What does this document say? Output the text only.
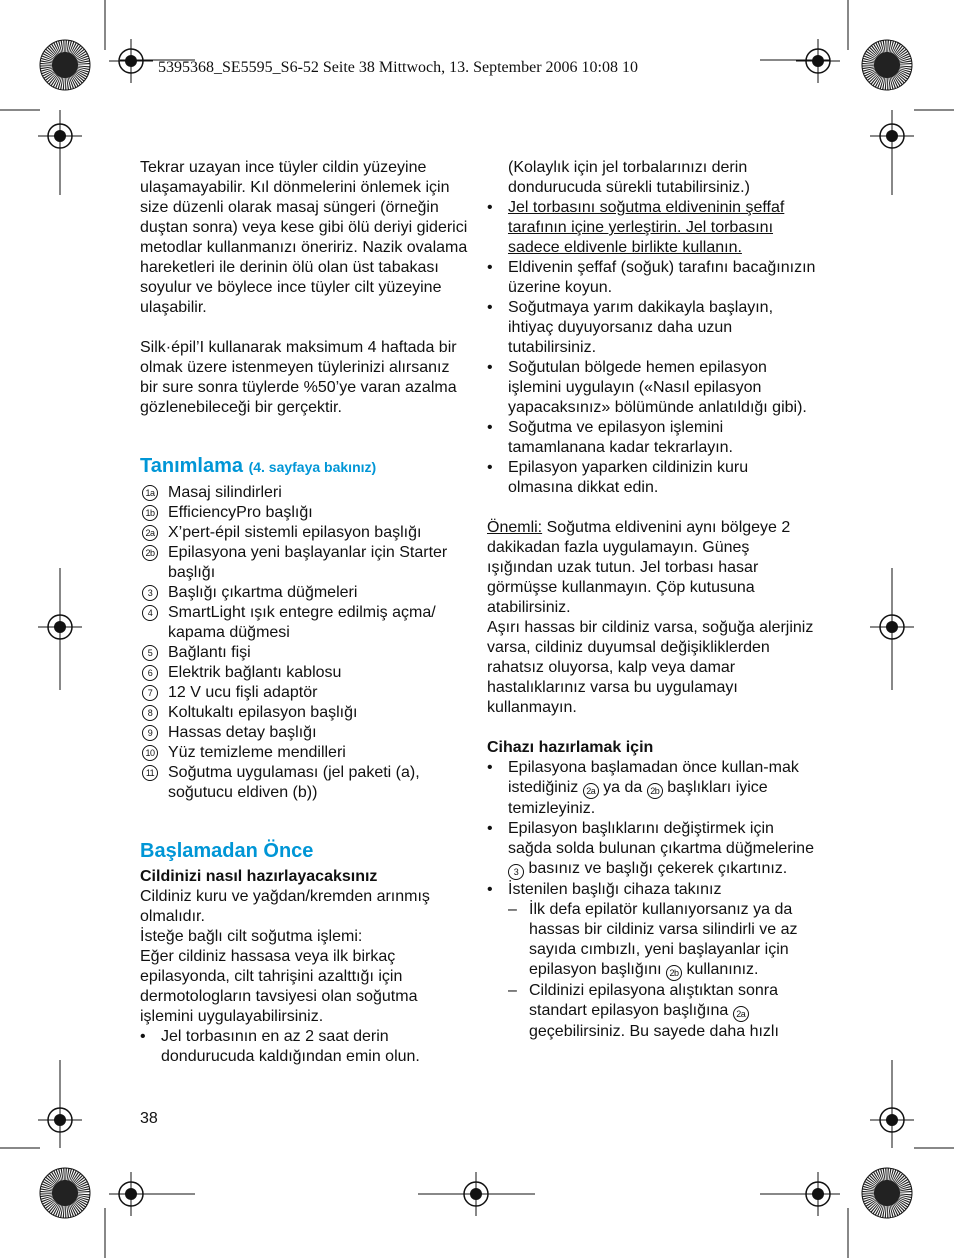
5395368_SE5595_S6-52 Seite 38 Mittwoch, 13. September 2006 10:08 10

Tekrar uzayan ince tüyler cildin yüzeyine ulaşamayabilir. Kıl dönmelerini önlemek için size düzenli olarak masaj süngeri (örneğin duştan sonra) veya kese gibi ölü deriyi giderici metodlar kullanmanızı öneririz. Nazik ovalama hareketleri ile derinin ölü olan üst tabakası soyulur ve böylece ince tüyler cilt yüzeyine ulaşabilir.

Silk·épil’I kullanarak maksimum 4 haftada bir olmak üzere istenmeyen tüylerinizi alırsanız bir sure sonra tüylerde %50’ye varan azalma gözlenebileceği bir gerçektir.

Tanımlama (4. sayfaya bakınız)
1a Masaj silindirleri
1b EfficiencyPro başlığı
2a X’pert-épil sistemli epilasyon başlığı
2b Epilasyona yeni başlayanlar için Starter başlığı
3 Başlığı çıkartma düğmeleri
4 SmartLight ışık entegre edilmiş açma/ kapama düğmesi
5 Bağlantı fişi
6 Elektrik bağlantı kablosu
7 12 V ucu fişli adaptör
8 Koltukaltı epilasyon başlığı
9 Hassas detay başlığı
10 Yüz temizleme mendilleri
11 Soğutma uygulaması (jel paketi (a), soğutucu eldiven (b))
Başlamadan Önce

Cildinizi nasıl hazırlayacaksınız

Cildiniz kuru ve yağdan/kremden arınmış olmalıdır.

İsteğe bağlı cilt soğutma işlemi:

Eğer cildiniz hassasa veya ilk birkaç epilasyonda, cilt tahrişini azalttığı için dermotologların tavsiyesi olan soğutma işlemini uygulayabilirsiniz.

• Jel torbasının en az 2 saat derin dondurucuda kaldığından emin olun.

(Kolaylık için jel torbalarınızı derin dondurucuda sürekli tutabilirsiniz.)

• Jel torbasını soğutma eldiveninin şeffaf tarafının içine yerleştirin. Jel torbasını sadece eldivenle birlikte kullanın.
• Eldivenin şeffaf (soğuk) tarafını bacağınızın üzerine koyun.
• Soğutmaya yarım dakikayla başlayın, ihtiyaç duyuyorsanız daha uzun tutabilirsiniz.
• Soğutulan bölgede hemen epilasyon işlemini uygulayın («Nasıl epilasyon yapacaksınız» bölümünde anlatıldığı gibi).
• Soğutma ve epilasyon işlemini tamamlanana kadar tekrarlayın.
• Epilasyon yaparken cildinizin kuru olmasına dikkat edin.

Önemli: Soğutma eldivenini aynı bölgeye 2 dakikadan fazla uygulamayın. Güneş ışığından uzak tutun. Jel torbası hasar görmüşse kullanmayın. Çöp kutusuna atabilirsiniz.

Aşırı hassas bir cildiniz varsa, soğuğa alerjiniz varsa, cildiniz duyumsal değişikliklerden rahatsız oluyorsa, kalp veya damar hastalıklarınız varsa bu uygulamayı kullanmayın.

Cihazı hazırlamak için

• Epilasyona başlamadan önce kullan-mak istediğiniz 2a ya da 2b başlıkları iyice temizleyiniz.
• Epilasyon başlıklarını değiştirmek için sağda solda bulunan çıkartma düğmelerine 3 basınız ve başlığı çekerek çıkartınız.
• İstenilen başlığı cihaza takınız
– İlk defa epilatör kullanıyorsanız ya da hassas bir cildiniz varsa silindirli ve az sayıda cımbızlı, yeni başlayanlar için epilasyon başlığını 2b kullanınız.
– Cildinizi epilasyona alıştıktan sonra standart epilasyon başlığına 2a geçebilirsiniz. Bu sayede daha hızlı
38
